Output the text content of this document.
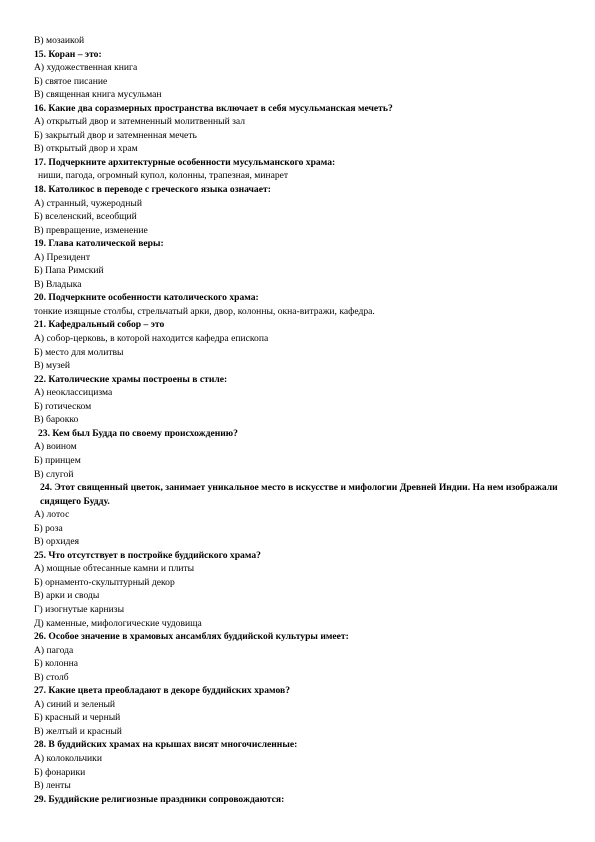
В) мозаикой
15. Коран – это:
А) художественная книга
Б) святое писание
В) священная книга мусульман
16. Какие два соразмерных пространства включает в себя мусульманская мечеть?
А) открытый двор и затемненный молитвенный зал
Б) закрытый двор и затемненная мечеть
В) открытый двор и храм
17. Подчеркните архитектурные особенности мусульманского храма:
ниши, пагода, огромный купол, колонны, трапезная, минарет
18. Католикос в переводе с греческого языка означает:
А) странный, чужеродный
Б) вселенский, всеобщий
В) превращение, изменение
19. Глава католической веры:
А) Президент
Б) Папа Римский
В) Владыка
20. Подчеркните особенности католического храма:
тонкие изящные столбы, стрельчатый арки, двор, колонны, окна-витражи, кафедра.
21. Кафедральный собор – это
А) собор-церковь, в которой находится кафедра епископа
Б) место для молитвы
В) музей
22. Католические храмы построены в стиле:
А) неоклассицизма
Б) готическом
В) барокко
23. Кем был Будда по своему происхождению?
А) воином
Б) принцем
В) слугой
24. Этот священный цветок, занимает уникальное место в искусстве и мифологии Древней Индии. На нем изображали сидящего Будду.
А) лотос
Б) роза
В) орхидея
25. Что отсутствует в постройке буддийского храма?
А) мощные обтесанные камни и плиты
Б) орнаменто-скульптурный декор
В) арки и своды
Г) изогнутые карнизы
Д) каменные, мифологические чудовища
26. Особое значение в храмовых ансамблях буддийской культуры имеет:
А) пагода
Б) колонна
В) столб
27. Какие цвета преобладают в декоре буддийских храмов?
А) синий и зеленый
Б) красный и черный
В) желтый и красный
28. В буддийских храмах на крышах висят многочисленные:
А) колокольчики
Б) фонарики
В) ленты
29. Буддийские религиозные праздники сопровождаются:
